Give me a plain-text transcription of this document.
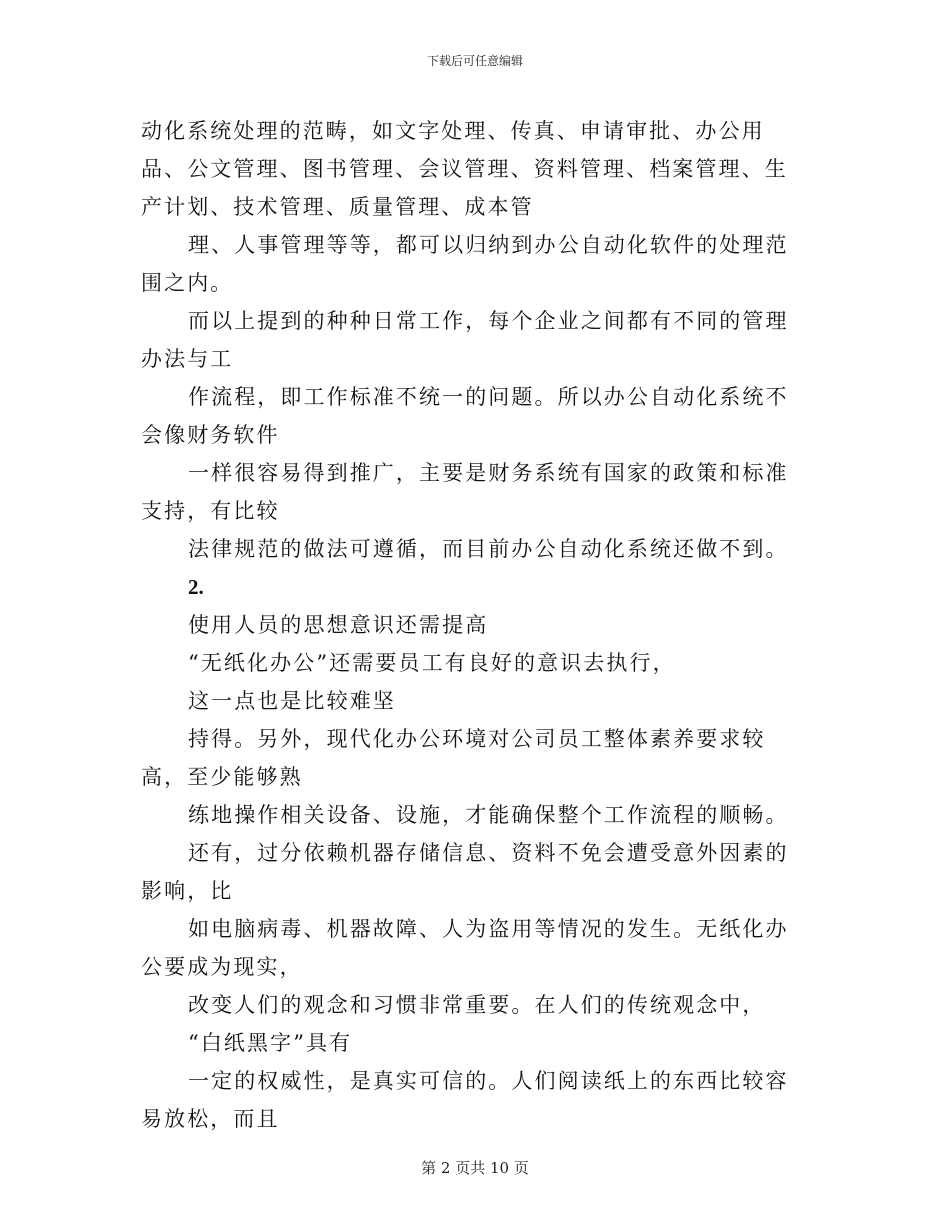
下载后可任意编辑

动化系统处理的范畴，如文字处理、传真、申请审批、办公用品、公文管理、图书管理、会议管理、资料管理、档案管理、生产计划、技术管理、质量管理、成本管

理、人事管理等等，都可以归纳到办公自动化软件的处理范围之内。

而以上提到的种种日常工作，每个企业之间都有不同的管理办法与工

作流程，即工作标准不统一的问题。所以办公自动化系统不会像财务软件

一样很容易得到推广，主要是财务系统有国家的政策和标准支持，有比较

法律规范的做法可遵循，而目前办公自动化系统还做不到。

2.

使用人员的思想意识还需提高

“无纸化办公”还需要员工有良好的意识去执行，

这一点也是比较难坚

持得。另外，现代化办公环境对公司员工整体素养要求较高，至少能够熟

练地操作相关设备、设施，才能确保整个工作流程的顺畅。

还有，过分依赖机器存储信息、资料不免会遭受意外因素的影响，比

如电脑病毒、机器故障、人为盗用等情况的发生。无纸化办公要成为现实，

改变人们的观念和习惯非常重要。在人们的传统观念中，

“白纸黑字”具有

一定的权威性，是真实可信的。人们阅读纸上的东西比较容易放松，而且

第 2 页共 10 页
